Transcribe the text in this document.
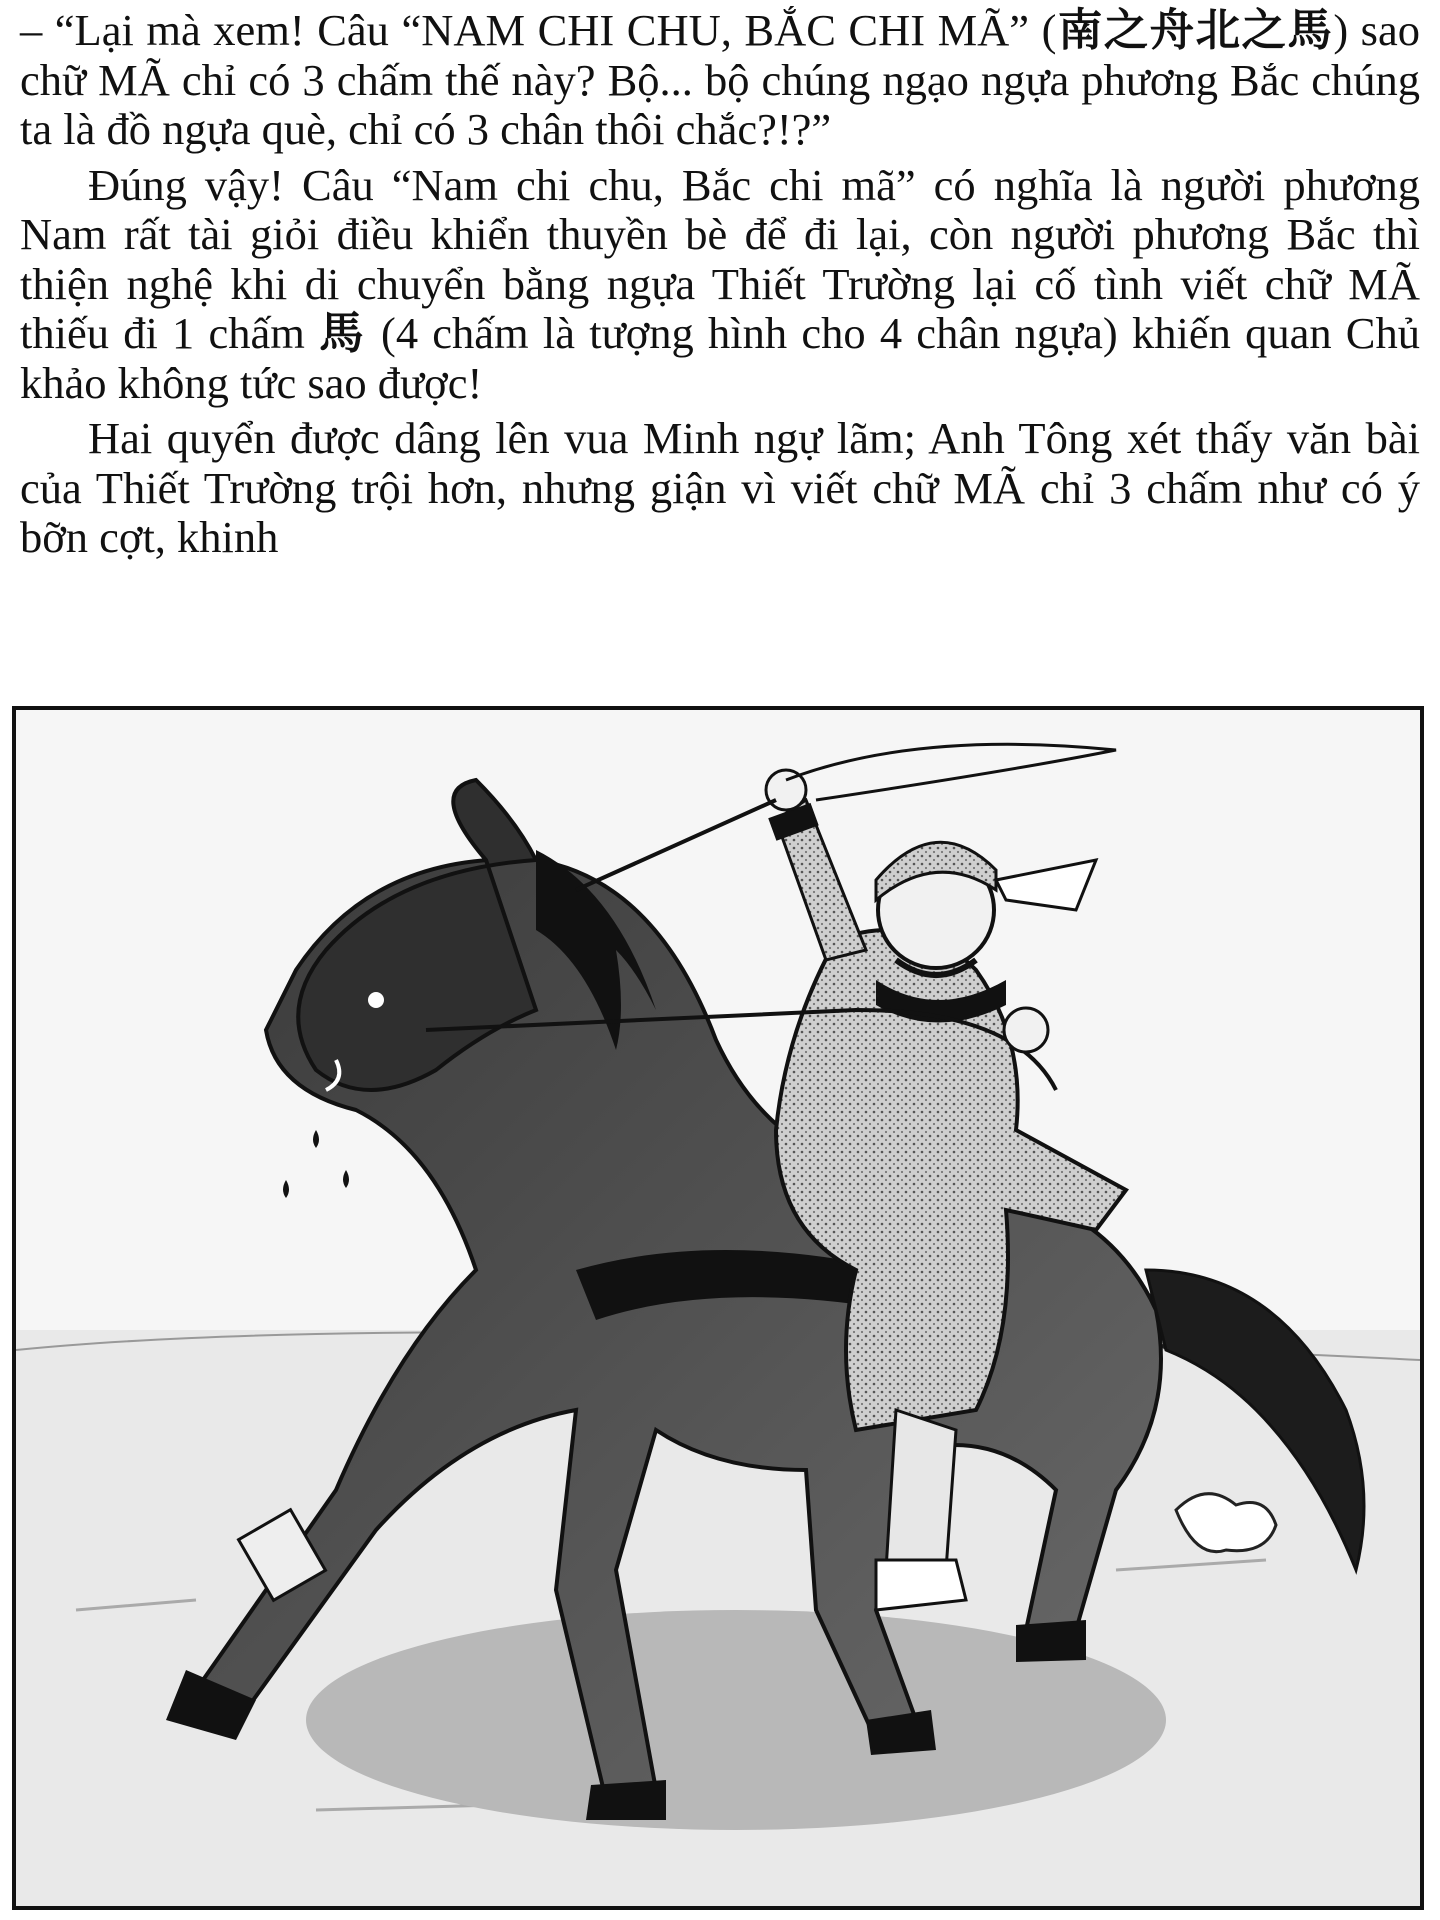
– “Lại mà xem! Câu “NAM CHI CHU, BẮC CHI MÃ” (南之舟北之馬) sao chữ MÃ chỉ có 3 chấm thế này? Bộ... bộ chúng ngạo ngựa phương Bắc chúng ta là đồ ngựa què, chỉ có 3 chân thôi chắc?!?”

Đúng vậy! Câu “Nam chi chu, Bắc chi mã” có nghĩa là người phương Nam rất tài giỏi điều khiển thuyền bè để đi lại, còn người phương Bắc thì thiện nghệ khi di chuyển bằng ngựa Thiết Trường lại cố tình viết chữ MÃ thiếu đi 1 chấm 馬 (4 chấm là tượng hình cho 4 chân ngựa) khiến quan Chủ khảo không tức sao được!

Hai quyển được dâng lên vua Minh ngự lãm; Anh Tông xét thấy văn bài của Thiết Trường trội hơn, nhưng giận vì viết chữ MÃ chỉ 3 chấm như có ý bỡn cợt, khinh
